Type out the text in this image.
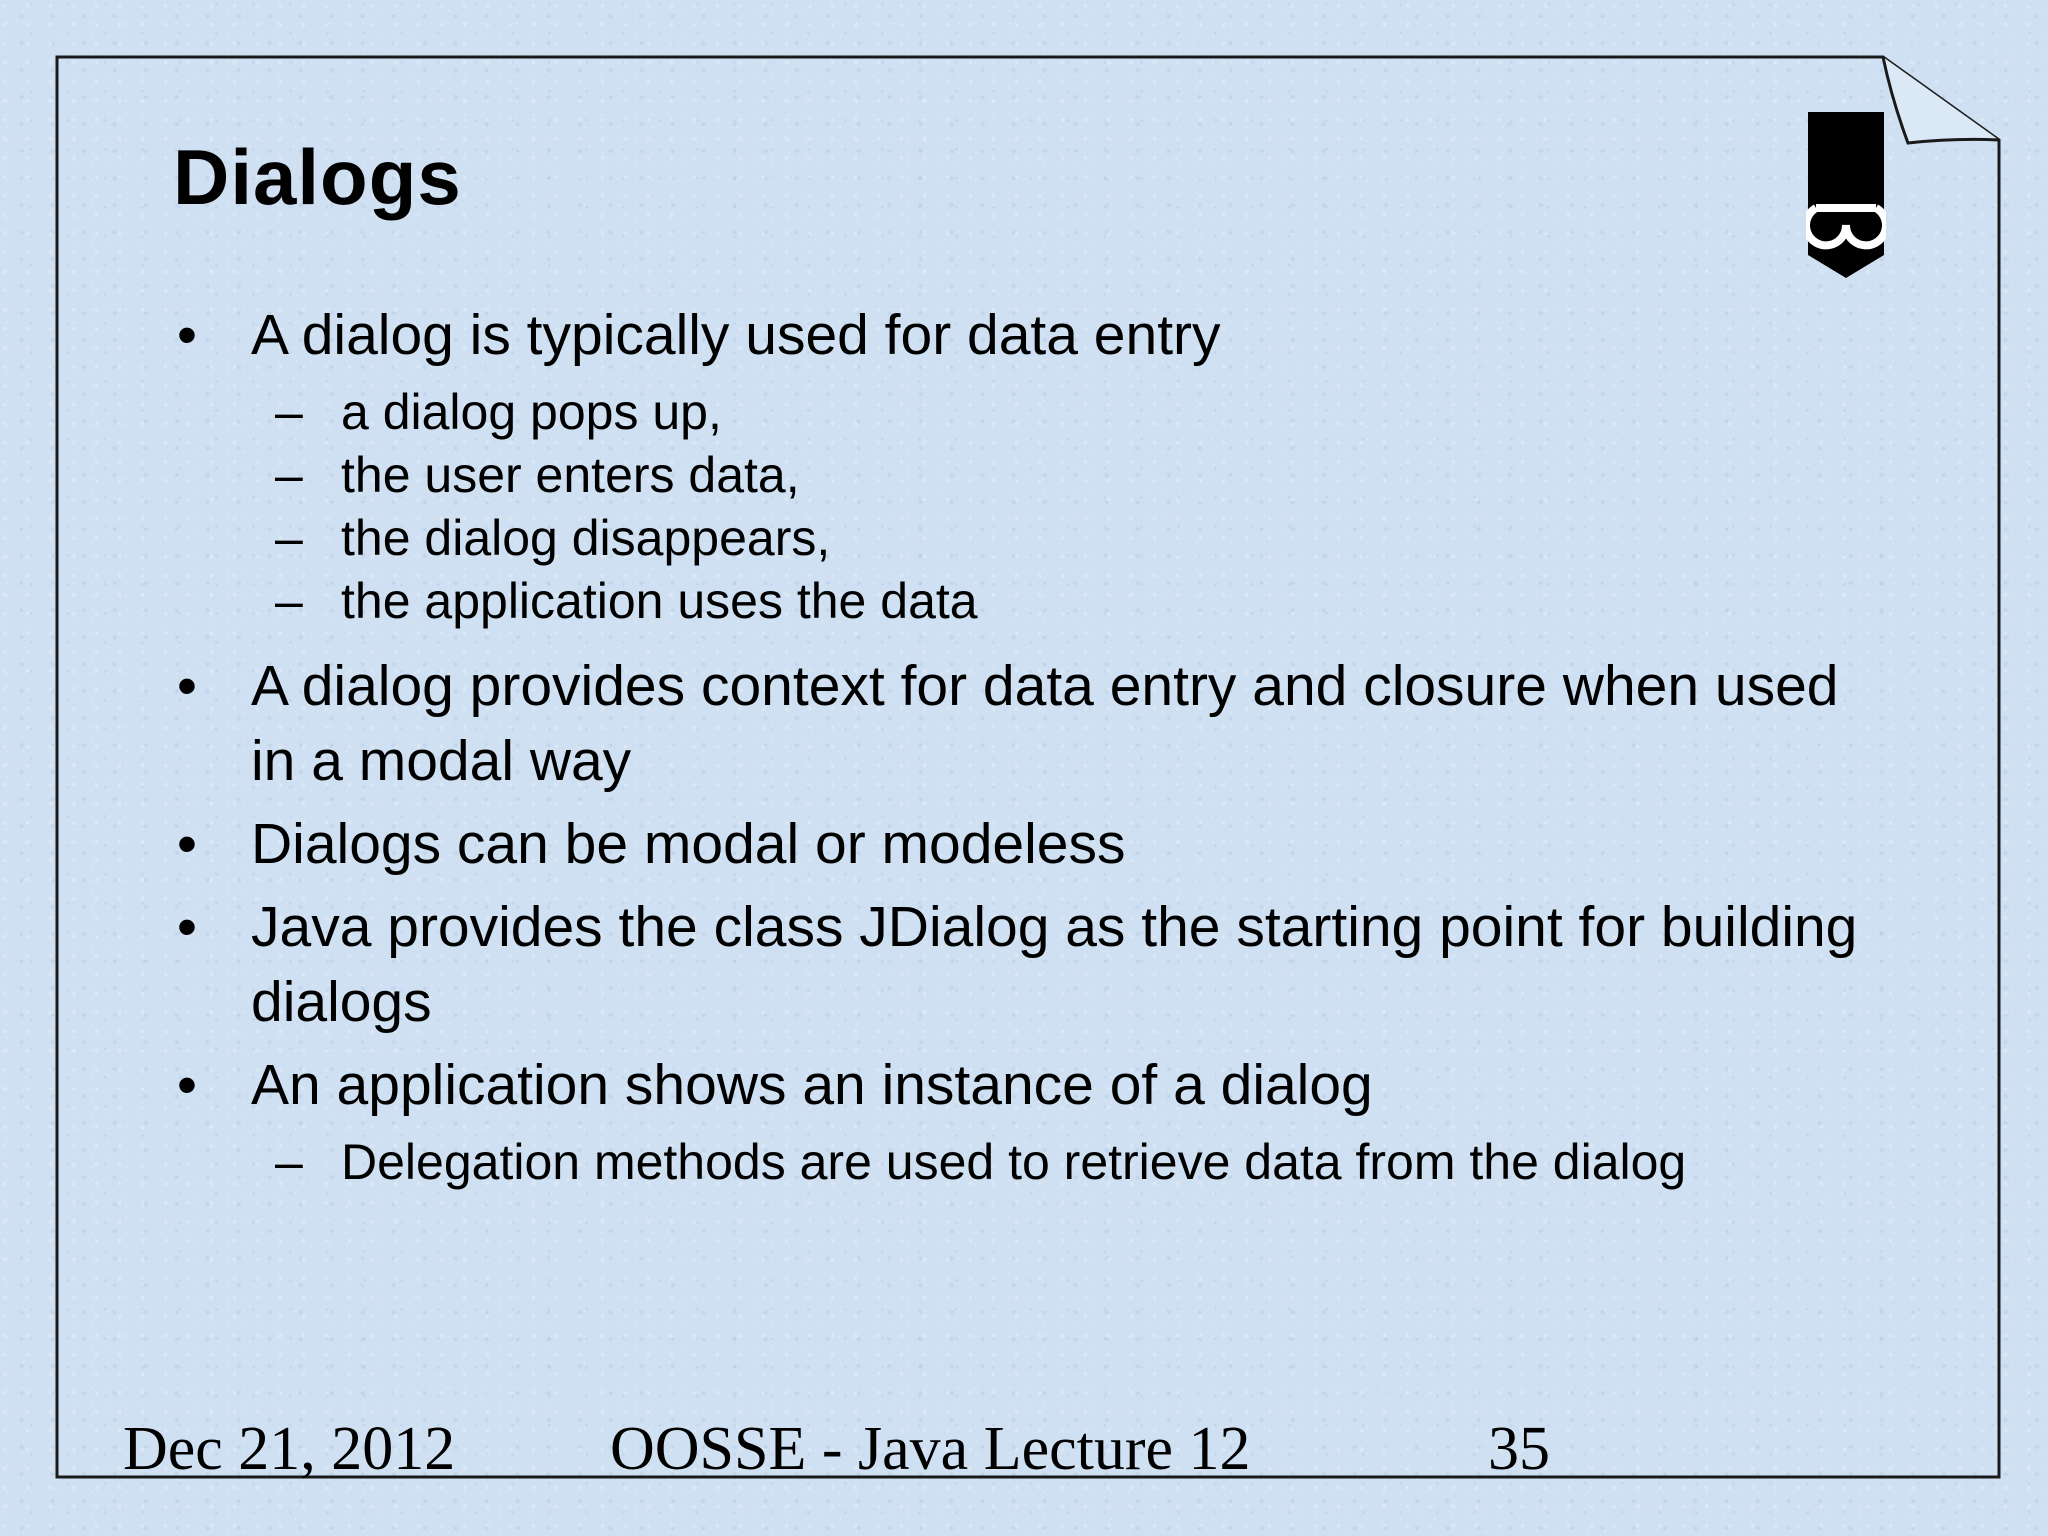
Dialogs
• A dialog is typically used for data entry
– a dialog pops up,
– the user enters data,
– the dialog disappears,
– the application uses the data
• A dialog provides context for data entry and closure when used in a modal way
• Dialogs can be modal or modeless
• Java provides the class JDialog as the starting point for building dialogs
• An application shows an instance of a dialog
– Delegation methods are used to retrieve data from the dialog
Dec 21, 2012 OOSSE - Java Lecture 12	35
